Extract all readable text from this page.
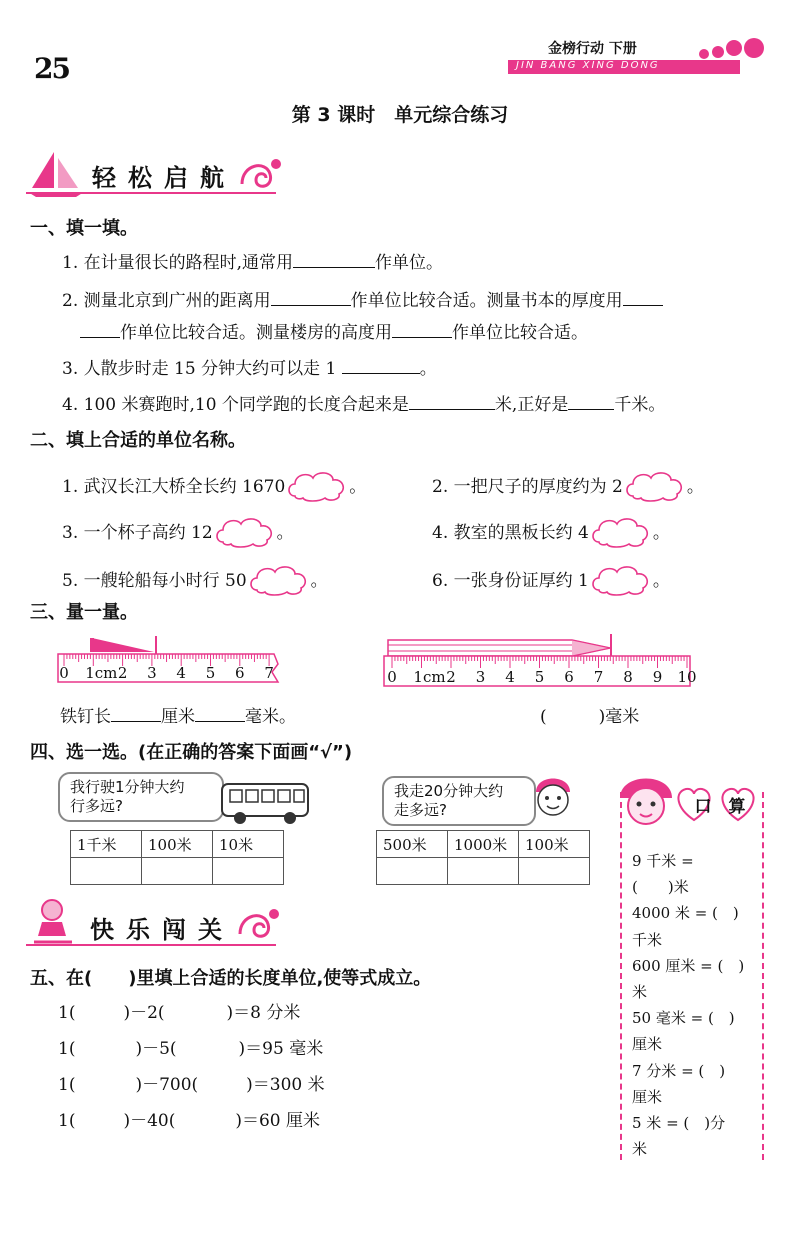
25
金榜行动 下册
JIN BANG XING DONG
第 3 课时　单元综合练习
轻松启航
一、填一填。
1. 在计量很长的路程时,通常用	作单位。
2. 测量北京到广州的距离用	作单位比较合适。测量书本的厚度用
作单位比较合适。测量楼房的高度用	作单位比较合适。
3. 人散步时走 15 分钟大约可以走 1	。
4. 100 米赛跑时,10 个同学跑的长度合起来是	米,正好是	千米。
二、填上合适的单位名称。
1. 武汉长江大桥全长约 1670	。	2. 一把尺子的厚度约为 2	。
3. 一个杯子高约 12	。	4. 教室的黑板长约 4	。
5. 一艘轮船每小时行 50	。	6. 一张身份证厚约 1	。
三、量一量。
0 1cm 2 3 4 5 6 7	0 1cm 2 3 4 5 6 7 8 9 10
铁钉长	厘米	毫米。	(	)毫米
四、选一选。(在正确的答案下面画“√”)
我行驶1分钟大约
行多远?
1千米	100米	10米

我走20分钟大约
走多远?
500米	1000米	100米

快乐闯关
五、在(　　)里填上合适的长度单位,使等式成立。
1(	)－2(	)＝8 分米
1(	)－5(	)＝95 毫米
1(	)－700(	)＝300 米
1(	)－40(	)＝60 厘米
口　算
9 千米 =
(　　)米
4000 米 = (　)
千米
600 厘米 = (　)
米
50 毫米 = (　)
厘米
7 分米 = (　)
厘米
5 米 = (　)分
米
